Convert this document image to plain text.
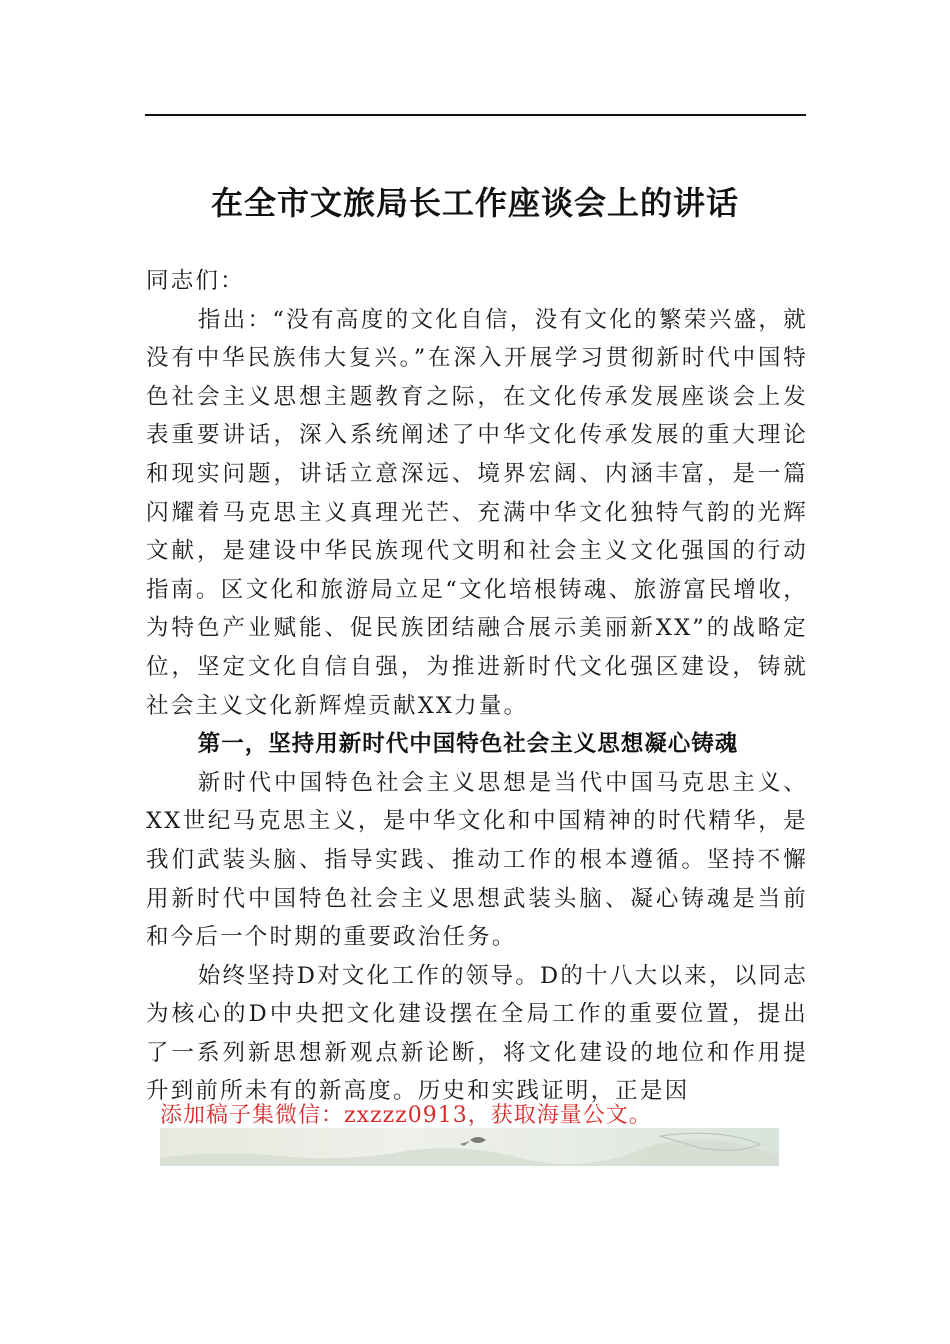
在全市文旅局长工作座谈会上的讲话

同志们：

指出：“没有高度的文化自信，没有文化的繁荣兴盛，就没有中华民族伟大复兴。”在深入开展学习贯彻新时代中国特色社会主义思想主题教育之际，在文化传承发展座谈会上发表重要讲话，深入系统阐述了中华文化传承发展的重大理论和现实问题，讲话立意深远、境界宏阔、内涵丰富，是一篇闪耀着马克思主义真理光芒、充满中华文化独特气韵的光辉文献，是建设中华民族现代文明和社会主义文化强国的行动指南。区文化和旅游局立足“文化培根铸魂、旅游富民增收，为特色产业赋能、促民族团结融合展示美丽新XX”的战略定位，坚定文化自信自强，为推进新时代文化强区建设，铸就社会主义文化新辉煌贡献XX力量。

第一，坚持用新时代中国特色社会主义思想凝心铸魂

新时代中国特色社会主义思想是当代中国马克思主义、XX世纪马克思主义，是中华文化和中国精神的时代精华，是我们武装头脑、指导实践、推动工作的根本遵循。坚持不懈用新时代中国特色社会主义思想武装头脑、凝心铸魂是当前和今后一个时期的重要政治任务。

始终坚持D对文化工作的领导。D的十八大以来，以同志为核心的D中央把文化建设摆在全局工作的重要位置，提出了一系列新思想新观点新论断，将文化建设的地位和作用提升到前所未有的新高度。历史和实践证明，正是因

添加稿子集微信：zxzzz0913，获取海量公文。
